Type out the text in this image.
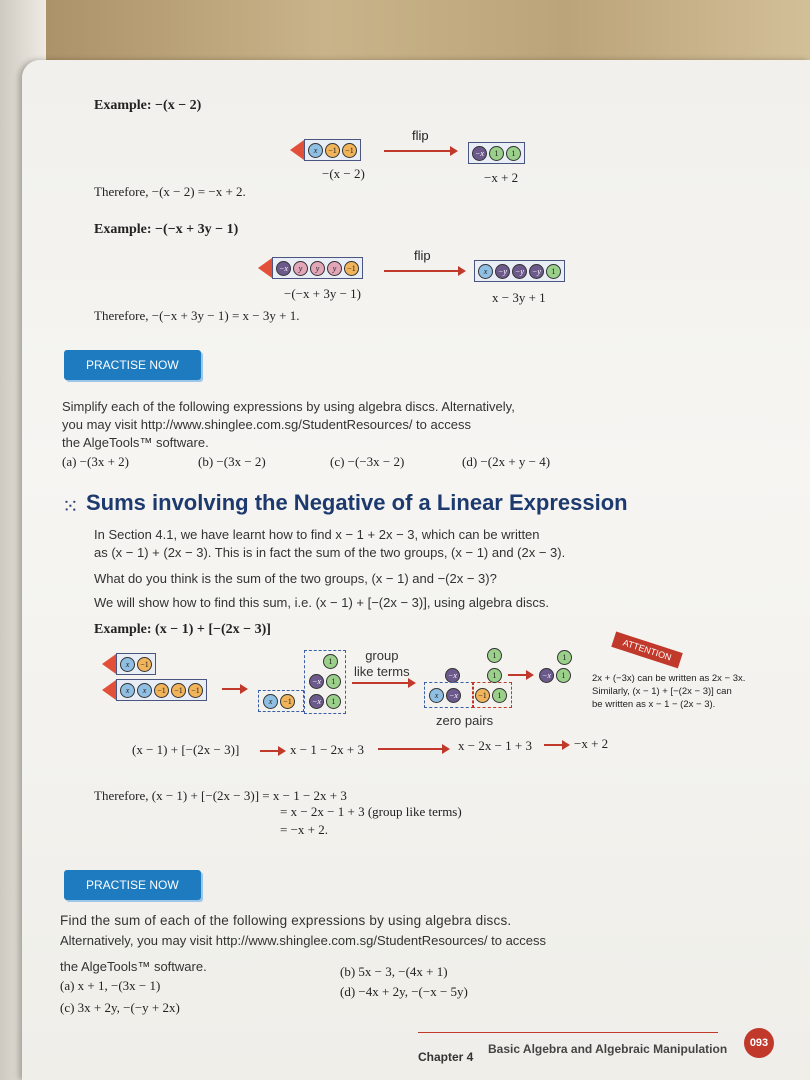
Example: −(x − 2)
x −1 −1
flip
−x 1 1
−(x − 2)	−x + 2
Therefore, −(x − 2) = −x + 2.
Example: −(−x + 3y − 1)
−x y y y −1
flip
x −y −y −y 1
−(−x + 3y − 1)	x − 3y + 1
Therefore, −(−x + 3y − 1) = x − 3y + 1.
PRACTISE NOW
Simplify each of the following expressions by using algebra discs. Alternatively,
you may visit http://www.shinglee.com.sg/StudentResources/ to access
the AlgeTools™ software.
(a) −(3x + 2)	(b) −(3x − 2)	(c) −(−3x − 2)	(d) −(2x + y − 4)
⁙ Sums involving the Negative of a Linear Expression
In Section 4.1, we have learnt how to find x − 1 + 2x − 3, which can be written
as (x − 1) + (2x − 3). This is in fact the sum of the two groups, (x − 1) and (2x − 3).
What do you think is the sum of the two groups, (x − 1) and −(2x − 3)?
We will show how to find this sum, i.e. (x − 1) + [−(2x − 3)], using algebra discs.
Example: (x − 1) + [−(2x − 3)]
x −1
x x −1 −1 −1
x −1
1
−x 1
−x 1
group
like terms	−x
x −x	−1 1
1
1
zero pairs
−x 1
1	ATTENTION
2x + (−3x) can be written as 2x − 3x.
Similarly, (x − 1) + [−(2x − 3)] can
be written as x − 1 − (2x − 3).
(x − 1) + [−(2x − 3)]	x − 1 − 2x + 3	x − 2x − 1 + 3	−x + 2
Therefore, (x − 1) + [−(2x − 3)] = x − 1 − 2x + 3
= x − 2x − 1 + 3 (group like terms)
= −x + 2.
PRACTISE NOW
Find the sum of each of the following expressions by using algebra discs.
Alternatively, you may visit http://www.shinglee.com.sg/StudentResources/ to access
the AlgeTools™ software.
(a) x + 1, −(3x − 1)
(b) 5x − 3, −(4x + 1)
(c) 3x + 2y, −(−y + 2x)
(d) −4x + 2y, −(−x − 5y)
Chapter 4
Basic Algebra and Algebraic Manipulation	093
